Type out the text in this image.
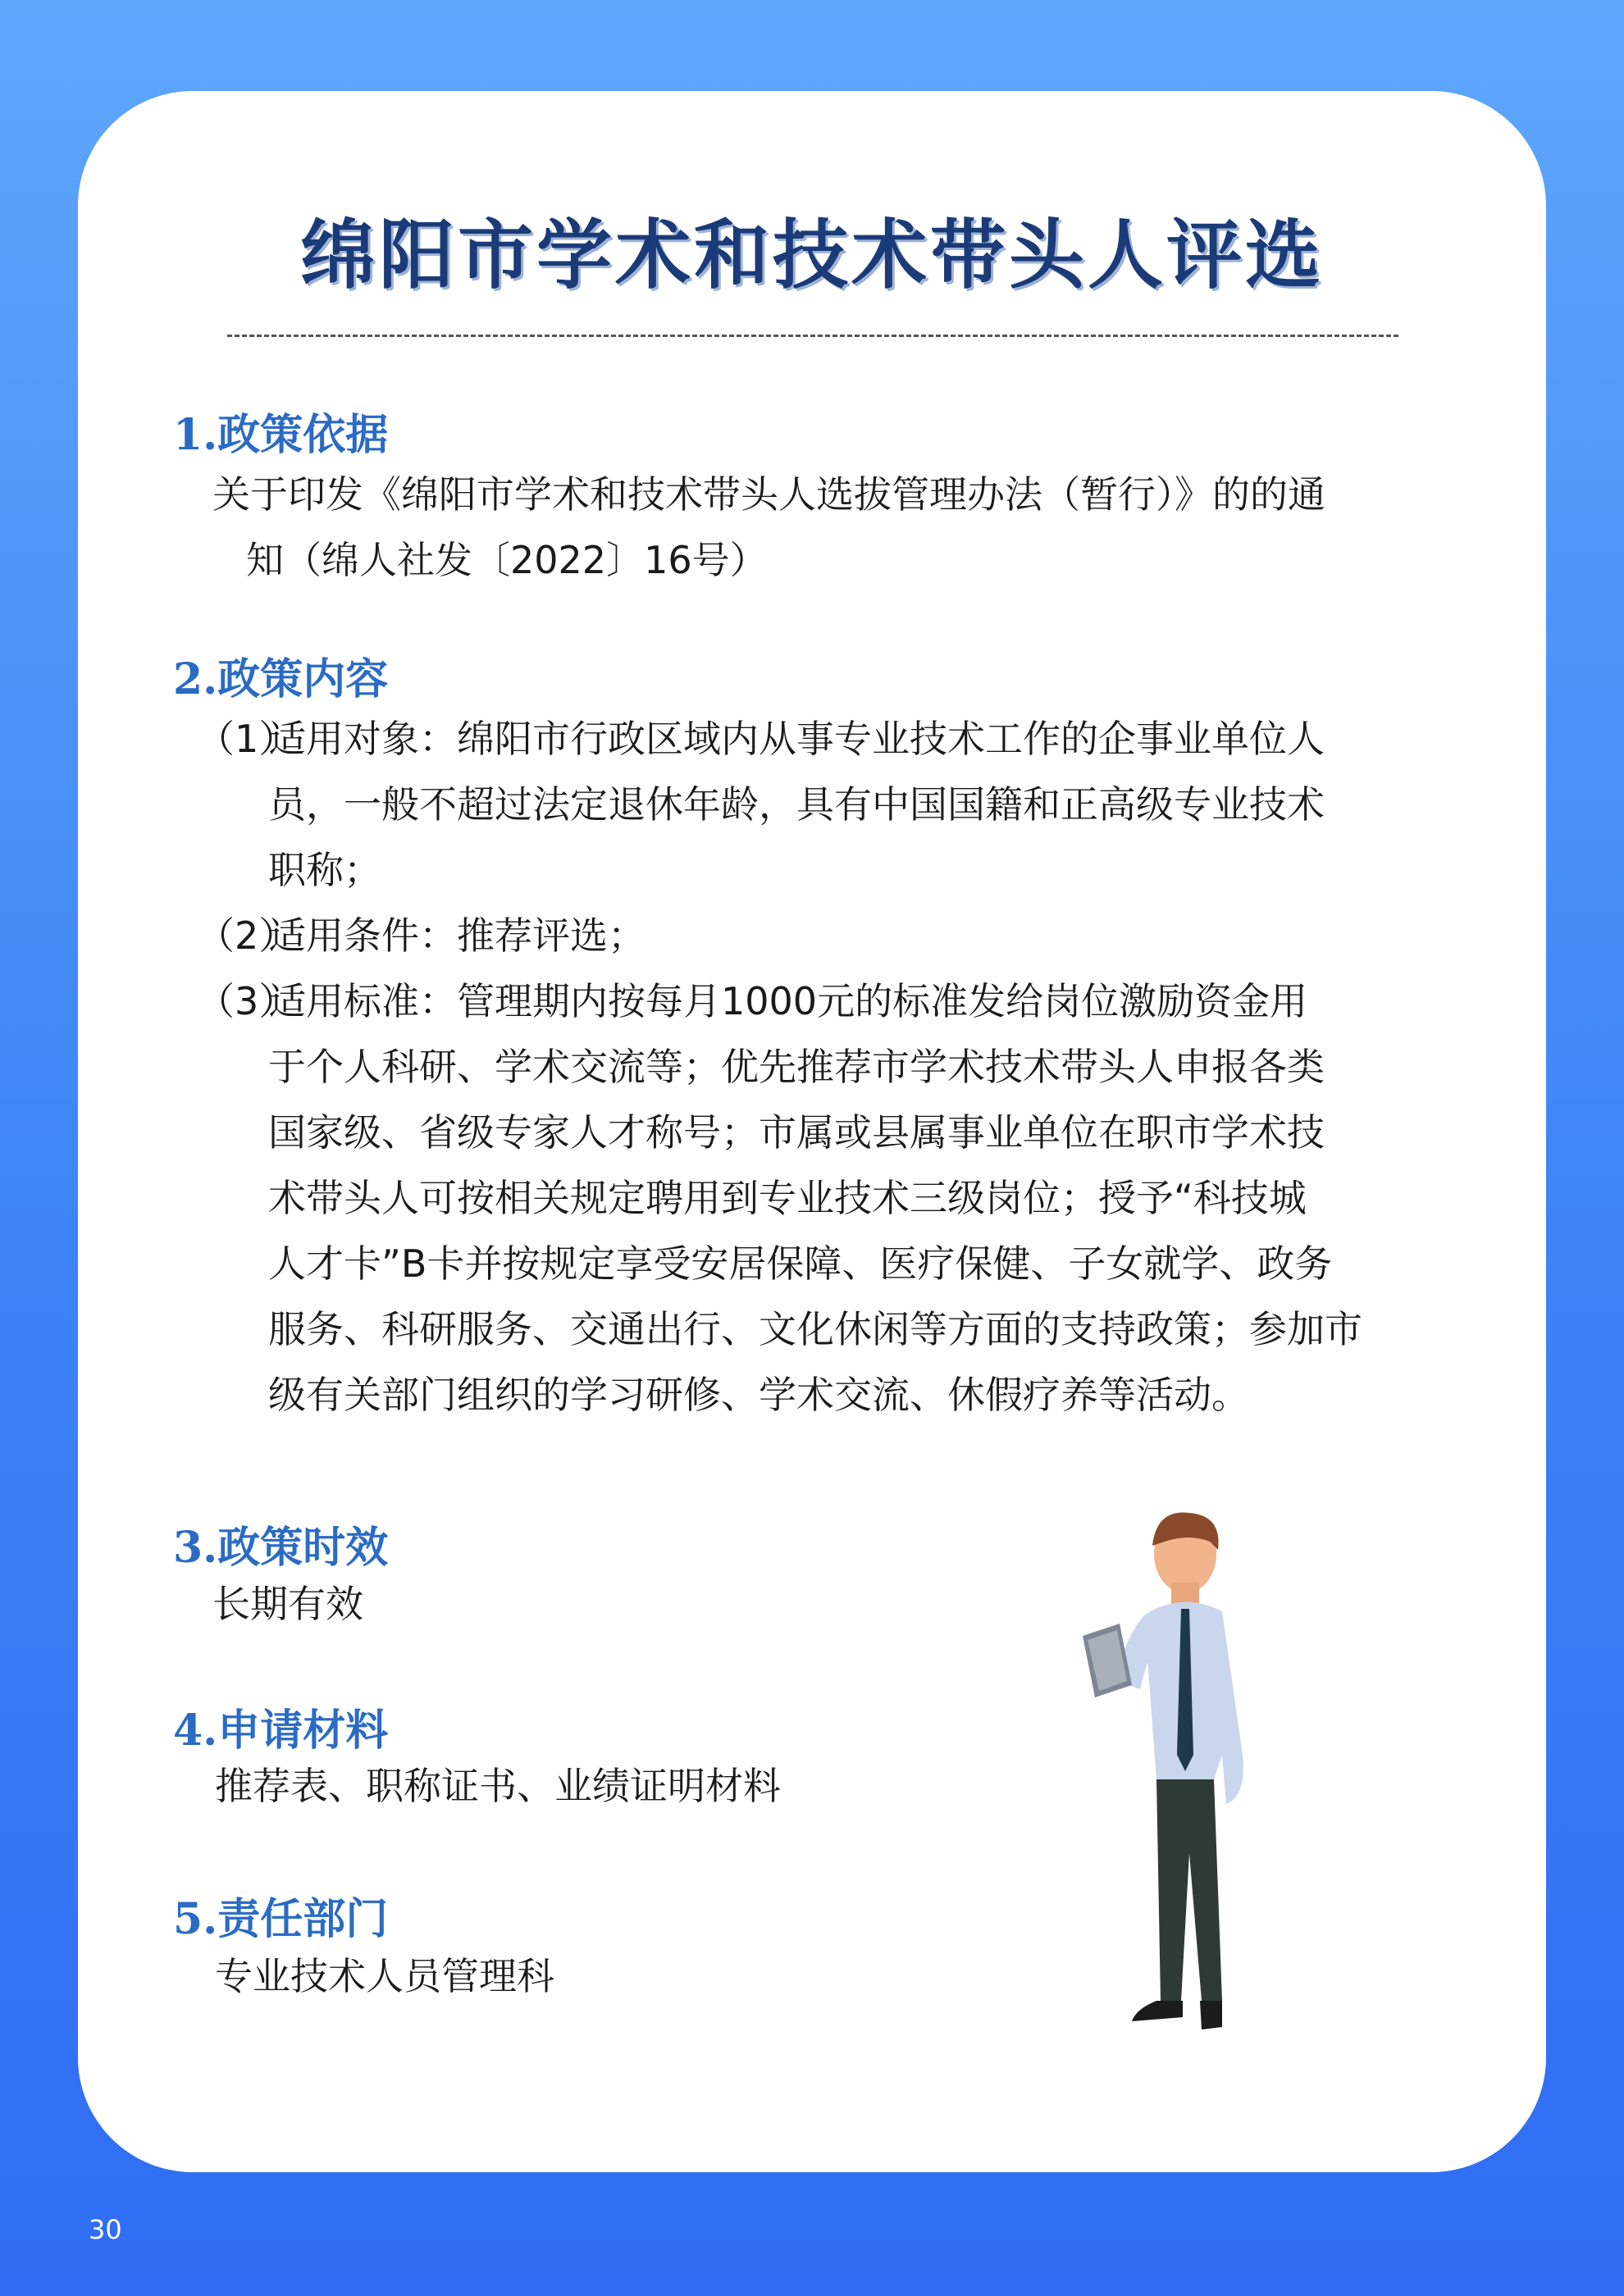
绵阳市学术和技术带头人评选
1.政策依据
关于印发《绵阳市学术和技术带头人选拔管理办法（暂行）》的的通
知（绵人社发〔2022〕16号）
2.政策内容
（1）
适用对象：绵阳市行政区域内从事专业技术工作的企事业单位人
员，一般不超过法定退休年龄，具有中国国籍和正高级专业技术
职称；
（2）
适用条件：推荐评选；
（3）
适用标准：管理期内按每月1000元的标准发给岗位激励资金用
于个人科研、学术交流等；优先推荐市学术技术带头人申报各类
国家级、省级专家人才称号；市属或县属事业单位在职市学术技
术带头人可按相关规定聘用到专业技术三级岗位；授予“科技城
人才卡”B卡并按规定享受安居保障、医疗保健、子女就学、政务
服务、科研服务、交通出行、文化休闲等方面的支持政策；参加市
级有关部门组织的学习研修、学术交流、休假疗养等活动。
3.政策时效
长期有效
4.申请材料
推荐表、职称证书、业绩证明材料
5.责任部门
专业技术人员管理科
30
